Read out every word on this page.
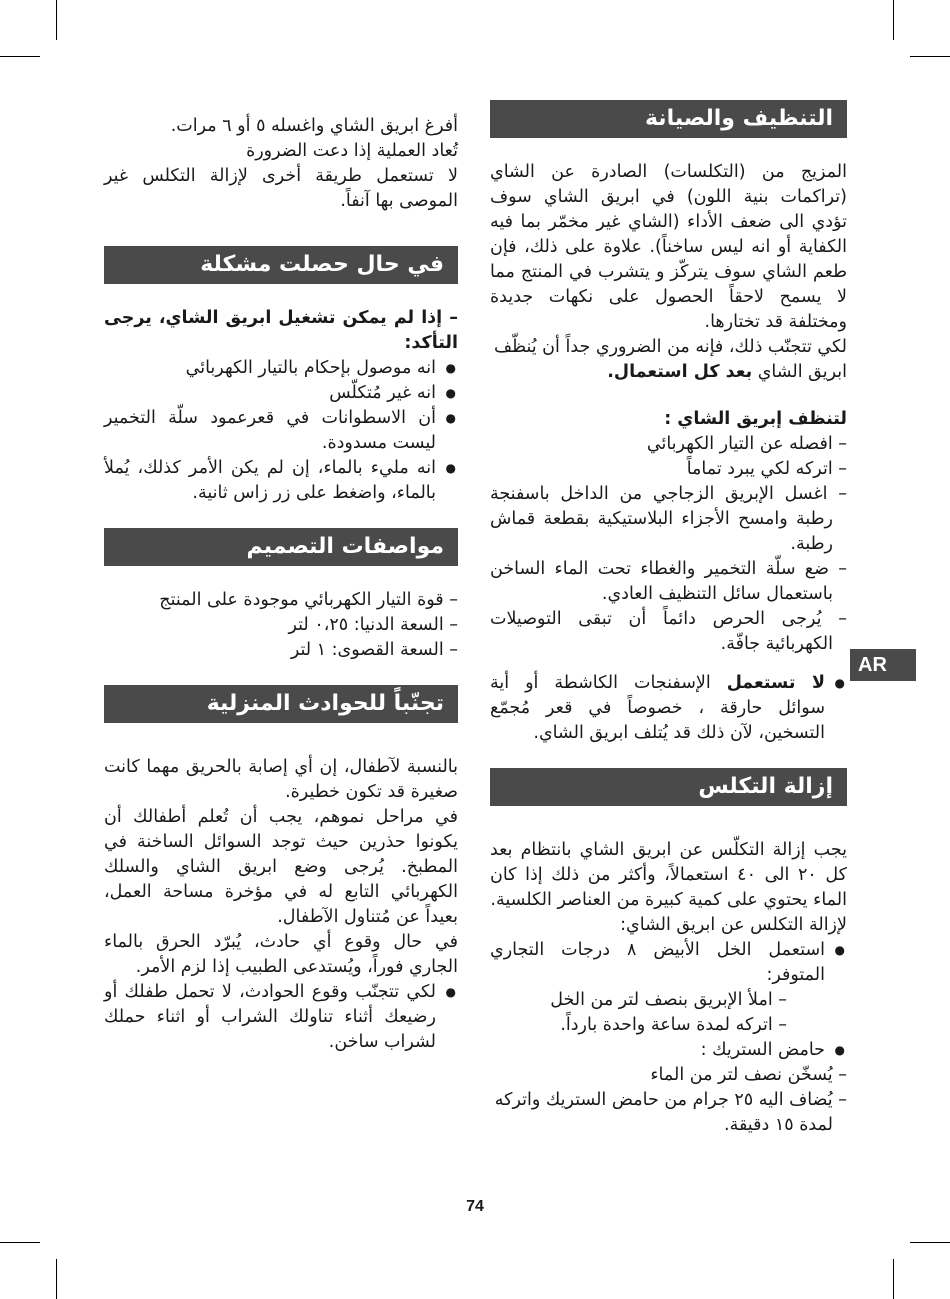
التنظيف والصيانة

المزيج من (التكلسات) الصادرة عن الشاي (تراكمات بنية اللون) في ابريق الشاي سوف تؤدي الى ضعف الأداء (الشاي غير مخمّر بما فيه الكفاية أو انه ليس ساخناً). علاوة على ذلك، فإن طعم الشاي سوف يتركّز و يتشرب في المنتج مما لا يسمح لاحقاً الحصول على نكهات جديدة ومختلفة قد تختارها.

لكي تتجنّب ذلك، فإنه من الضروري جداً أن يُنظّف ابريق الشاي بعد كل استعمال.

لتنظف إبريق الشاي :

– افصله عن التيار الكهربائي

– اتركه لكي يبرد تماماً

– اغسل الإبريق الزجاجي من الداخل باسفنجة رطبة وامسح الأجزاء البلاستيكية بقطعة قماش رطبة.

– ضع سلّة التخمير والغطاء تحت الماء الساخن باستعمال سائل التنظيف العادي.

– يُرجى الحرص دائماً أن تبقى التوصيلات الكهربائية جافّة.

● لا تستعمل الإسفنجات الكاشطة أو أية سوائل حارقة ، خصوصاً في قعر مُجمّع التسخين، لآن ذلك قد يُتلف ابريق الشاي.

إزالة التكلس

يجب إزالة التكلّس عن ابريق الشاي بانتظام بعد كل ٢٠ الى ٤٠ استعمالاً، وأكثر من ذلك إذا كان الماء يحتوي على كمية كبيرة من العناصر الكلسية.

لإزالة التكلس عن ابريق الشاي:

● استعمل الخل الأبيض ٨ درجات التجاري المتوفر:

– املأ الإبريق بنصف لتر من الخل

– اتركه لمدة ساعة واحدة بارداً.

● حامض الستريك :

– يُسخّن نصف لتر من الماء

– يُضاف اليه ٢٥ جرام من حامض الستريك واتركه لمدة ١٥ دقيقة.

أفرغ ابريق الشاي واغسله ٥ أو ٦ مرات.

تُعاد العملية إذا دعت الضرورة

لا تستعمل طريقة أخرى لإزالة التكلس غير الموصى بها آنفاً.

في حال حصلت مشكلة

– إذا لم يمكن تشغيل ابريق الشاي، يرجى التأكد:

● انه موصول بإحكام بالتيار الكهربائي

● انه غير مُتكلّس

● أن الاسطوانات في قعرعمود سلّة التخمير ليست مسدودة.

● انه مليء بالماء، إن لم يكن الأمر كذلك، يُملأ بالماء، واضغط على زر زاس ثانية.

مواصفات التصميم

– قوة التيار الكهربائي موجودة على المنتج

– السعة الدنيا: ٠،٢٥ لتر

– السعة القصوى: ١ لتر

تجنّباً للحوادث المنزلية

بالنسبة لآطفال، إن أي إصابة بالحريق مهما كانت صغيرة قد تكون خطيرة.

في مراحل نموهم، يجب أن تُعلم أطفالك أن يكونوا حذرين حيث توجد السوائل الساخنة في المطبخ. يُرجى وضع ابريق الشاي والسلك الكهربائي التابع له في مؤخرة مساحة العمل، بعيداً عن مُتناول الآطفال.

في حال وقوع أي حادث، يُبرّد الحرق بالماء الجاري فوراً، ويُستدعى الطبيب إذا لزم الأمر.

● لكي تتجنّب وقوع الحوادث، لا تحمل طفلك أو رضيعك أثناء تناولك الشراب أو اثناء حملك لشراب ساخن.

AR
74
